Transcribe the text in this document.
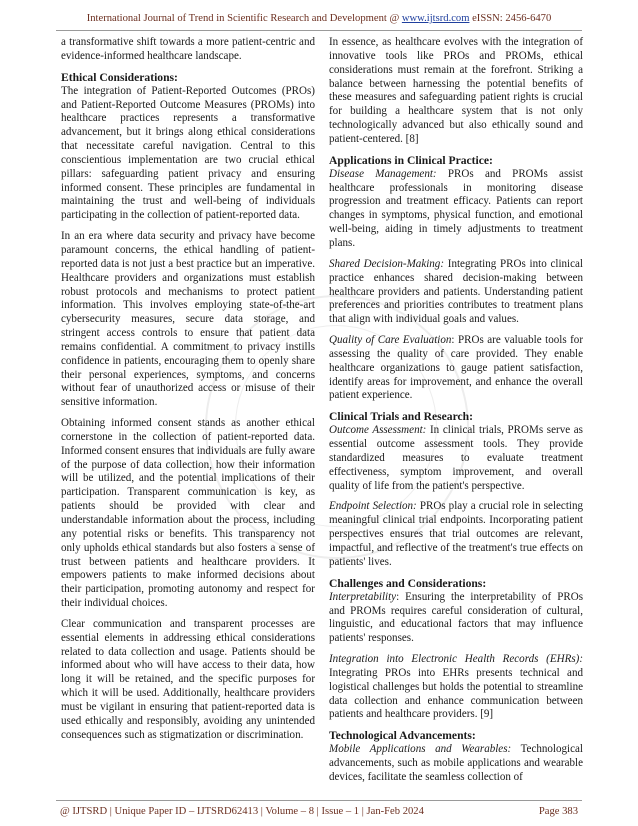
International Journal of Trend in Scientific Research and Development @ www.ijtsrd.com eISSN: 2456-6470

a transformative shift towards a more patient-centric and evidence-informed healthcare landscape.

Ethical Considerations:

The integration of Patient-Reported Outcomes (PROs) and Patient-Reported Outcome Measures (PROMs) into healthcare practices represents a transformative advancement, but it brings along ethical considerations that necessitate careful navigation. Central to this conscientious implementation are two crucial ethical pillars: safeguarding patient privacy and ensuring informed consent. These principles are fundamental in maintaining the trust and well-being of individuals participating in the collection of patient-reported data.

In an era where data security and privacy have become paramount concerns, the ethical handling of patient-reported data is not just a best practice but an imperative. Healthcare providers and organizations must establish robust protocols and mechanisms to protect patient information. This involves employing state-of-the-art cybersecurity measures, secure data storage, and stringent access controls to ensure that patient data remains confidential. A commitment to privacy instills confidence in patients, encouraging them to openly share their personal experiences, symptoms, and concerns without fear of unauthorized access or misuse of their sensitive information.

Obtaining informed consent stands as another ethical cornerstone in the collection of patient-reported data. Informed consent ensures that individuals are fully aware of the purpose of data collection, how their information will be utilized, and the potential implications of their participation. Transparent communication is key, as patients should be provided with clear and understandable information about the process, including any potential risks or benefits. This transparency not only upholds ethical standards but also fosters a sense of trust between patients and healthcare providers. It empowers patients to make informed decisions about their participation, promoting autonomy and respect for their individual choices.

Clear communication and transparent processes are essential elements in addressing ethical considerations related to data collection and usage. Patients should be informed about who will have access to their data, how long it will be retained, and the specific purposes for which it will be used. Additionally, healthcare providers must be vigilant in ensuring that patient-reported data is used ethically and responsibly, avoiding any unintended consequences such as stigmatization or discrimination.

In essence, as healthcare evolves with the integration of innovative tools like PROs and PROMs, ethical considerations must remain at the forefront. Striking a balance between harnessing the potential benefits of these measures and safeguarding patient rights is crucial for building a healthcare system that is not only technologically advanced but also ethically sound and patient-centered. [8]

Applications in Clinical Practice:

Disease Management: PROs and PROMs assist healthcare professionals in monitoring disease progression and treatment efficacy. Patients can report changes in symptoms, physical function, and emotional well-being, aiding in timely adjustments to treatment plans.

Shared Decision-Making: Integrating PROs into clinical practice enhances shared decision-making between healthcare providers and patients. Understanding patient preferences and priorities contributes to treatment plans that align with individual goals and values.

Quality of Care Evaluation: PROs are valuable tools for assessing the quality of care provided. They enable healthcare organizations to gauge patient satisfaction, identify areas for improvement, and enhance the overall patient experience.

Clinical Trials and Research:

Outcome Assessment: In clinical trials, PROMs serve as essential outcome assessment tools. They provide standardized measures to evaluate treatment effectiveness, symptom improvement, and overall quality of life from the patient's perspective.

Endpoint Selection: PROs play a crucial role in selecting meaningful clinical trial endpoints. Incorporating patient perspectives ensures that trial outcomes are relevant, impactful, and reflective of the treatment's true effects on patients' lives.

Challenges and Considerations:

Interpretability: Ensuring the interpretability of PROs and PROMs requires careful consideration of cultural, linguistic, and educational factors that may influence patients' responses.

Integration into Electronic Health Records (EHRs): Integrating PROs into EHRs presents technical and logistical challenges but holds the potential to streamline data collection and enhance communication between patients and healthcare providers. [9]

Technological Advancements:

Mobile Applications and Wearables: Technological advancements, such as mobile applications and wearable devices, facilitate the seamless collection of

@ IJTSRD | Unique Paper ID – IJTSRD62413 | Volume – 8 | Issue – 1 | Jan-Feb 2024	Page 383
